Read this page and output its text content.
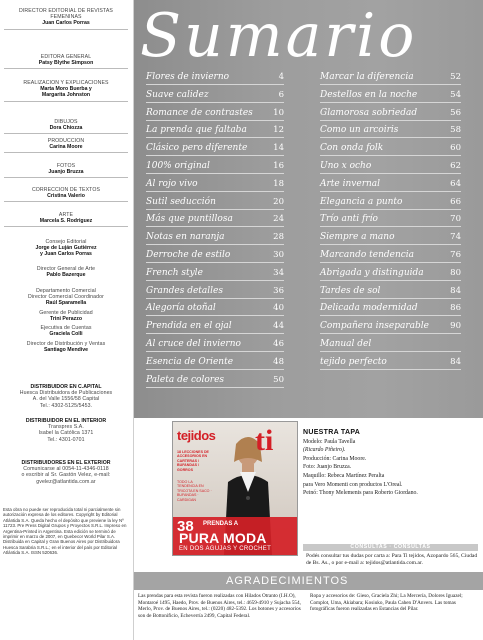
DIRECTOR EDITORIAL DE REVISTAS FEMENINAS
Juan Carlos Porras
EDITORA GENERAL
Patsy Blythe Simpson
REALIZACION Y EXPLICACIONES
Marta Moro Buerba y
Margarita Johnston
DIBUJOS
Dora Chiozza
PRODUCCION
Carina Moore
FOTOS
Juanjo Bruzza
CORRECCION DE TEXTOS
Cristina Valerio
ARTE
Marcela S. Rodriguez
Consejo Editorial
Jorge de Luján Gutiérrez
y Juan Carlos Porras
Director General de Arte
Pablo Bazerque
Departamento Comercial
Director Comercial Coordinador
Raúl Sparamella
Gerente de Publicidad
Trini Perazzo
Ejecutiva de Cuentas
Graciela Colli
Director de Distribución y Ventas
Santiago Mendive
DISTRIBUIDOR EN C.APITAL
Huesca Distribuidora de Publicaciones
A. del Valle 1556/58 Capital
Tel.: 4302-5125/5453.
DISTRIBUIDOR EN EL INTERIOR
Transpres S.A.
Isabel la Católica 1371
Tel.: 4301-0701
DISTRIBUIDORES EN EL EXTERIOR
Comunicarse al 0054-11-4346-0118
o escribir al Sr. Gastón Velez, e-mail:
gvelez@atlantida.com.ar
Esta obra no puede ser reproducida total ni parcialmente sin autorización expresa de los editores. Copyright by Editorial Atlántida S.A. Queda hecho el depósito que previene la ley Nº 11723. Pre Press Digital Grupos y Proyectos S.R.L. Impreso en Argentina-Printed in Argentina. Esta edición se terminó de imprimir en marzo de 2007, en Quebecor World Pilar S.A. Distribuida en Capital y Gran Buenos Aires por Distribuidora Huesca Sarabria S.R.L.; en el interior del país por Editorial Atlántida S.A. ISSN 520636.
Sumario
Flores de invierno	4
Suave calidez	6
Romance de contrastes	10
La prenda que faltaba	12
Clásico pero diferente	14
100% original	16
Al rojo vivo	18
Sutil seducción	20
Más que puntillosa	24
Notas en naranja	28
Derroche de estilo	30
French style	34
Grandes detalles	36
Alegoría otoñal	40
Prendida en el ojal	44
Al cruce del invierno	46
Esencia de Oriente	48
Paleta de colores	50
Marcar la diferencia	52
Destellos en la noche	54
Glamorosa sobriedad	56
Como un arcoiris	58
Con onda folk	60
Uno x ocho	62
Arte invernal	64
Elegancia a punto	66
Trío anti frío	70
Siempre a mano	74
Marcando tendencia	76
Abrigada y distinguida	80
Tardes de sol	84
Delicada modernidad	86
Compañera inseparable	90
Manual del
tejido perfecto	84
tejidos ti
18 LECCIONES DE ACCESORIOS EN CARTERAS / BUFANDAS / GORROS
TODO LA TENDENCIA EN TRICOTA EN SACO · BUFANDAS · CARDIGAN
38 PRENDAS A
PURA MODA
EN DOS AGUJAS Y CROCHET
NUESTRA TAPA
Modelo: Paula Tavella
(Ricardo Piñeiro).
Producción: Carina Moore.
Foto: Juanjo Bruzza.
Maquillo: Rebeca Martínez Peralta
para Vero Momenti con productos L'Oreal.
Peinó: Thony Melemenis para Roberto Giordano.
CONSULTAS · CONSULTAS
Podés consultar tus dudas por carta a: Para Ti tejidos, Azopardo 565, Ciudad de Bs. As., o por e-mail a: tejidos@atlantida.com.ar.
AGRADECIMIENTOS
Las prendas para esta revista fueron realizadas con Hilados Otranto (I.H.O), Montaroé 1495, Haedo, Prov. de Buenos Aires, tel.: 4659-4910 y Sujacha 554, Merlo, Prov. de Buenos Aires, tel.: (0220) 482-5392. Los botones y accesorios son de Bottonificio, Echeverría 2499, Capital Federal.
Ropa y accesorios de: Gieso, Graciela Zhi; La Mercería, Dolores Iguazel; Complot, Uma, Akiabara; Kosiuko, Paula Cahen D'Anvers. Las tomas fotográficas fueron realizadas en Estancias del Pilar.
